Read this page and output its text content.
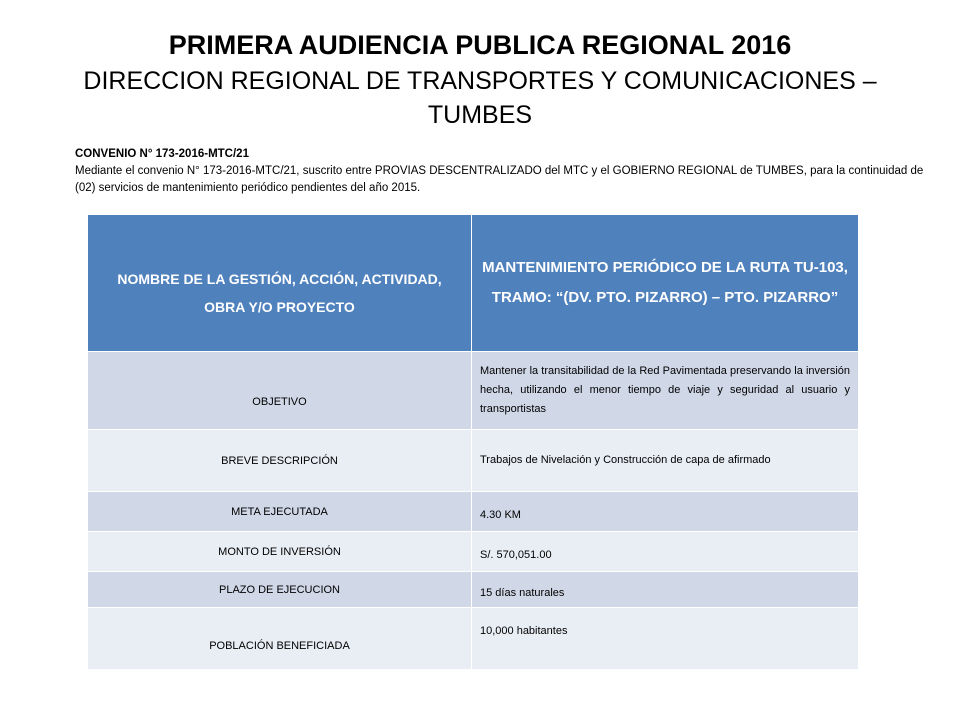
PRIMERA AUDIENCIA PUBLICA REGIONAL 2016

DIRECCION REGIONAL DE TRANSPORTES Y COMUNICACIONES – TUMBES

CONVENIO N° 173-2016-MTC/21
Mediante el convenio N° 173-2016-MTC/21, suscrito entre PROVIAS DESCENTRALIZADO del MTC y el GOBIERNO REGIONAL de TUMBES, para la continuidad de (02) servicios de mantenimiento periódico pendientes del año 2015.
NOMBRE DE LA GESTIÓN, ACCIÓN, ACTIVIDAD, OBRA Y/O PROYECTO	MANTENIMIENTO PERIÓDICO DE LA RUTA TU-103, TRAMO: “(DV. PTO. PIZARRO) – PTO. PIZARRO”
OBJETIVO	Mantener la transitabilidad de la Red Pavimentada preservando la inversión hecha, utilizando el menor tiempo de viaje y seguridad al usuario y transportistas
BREVE DESCRIPCIÓN	Trabajos de Nivelación y Construcción de capa de afirmado
META EJECUTADA	4.30 KM
MONTO DE INVERSIÓN	S/. 570,051.00
PLAZO DE EJECUCION	15 días naturales
POBLACIÓN BENEFICIADA	10,000 habitantes
